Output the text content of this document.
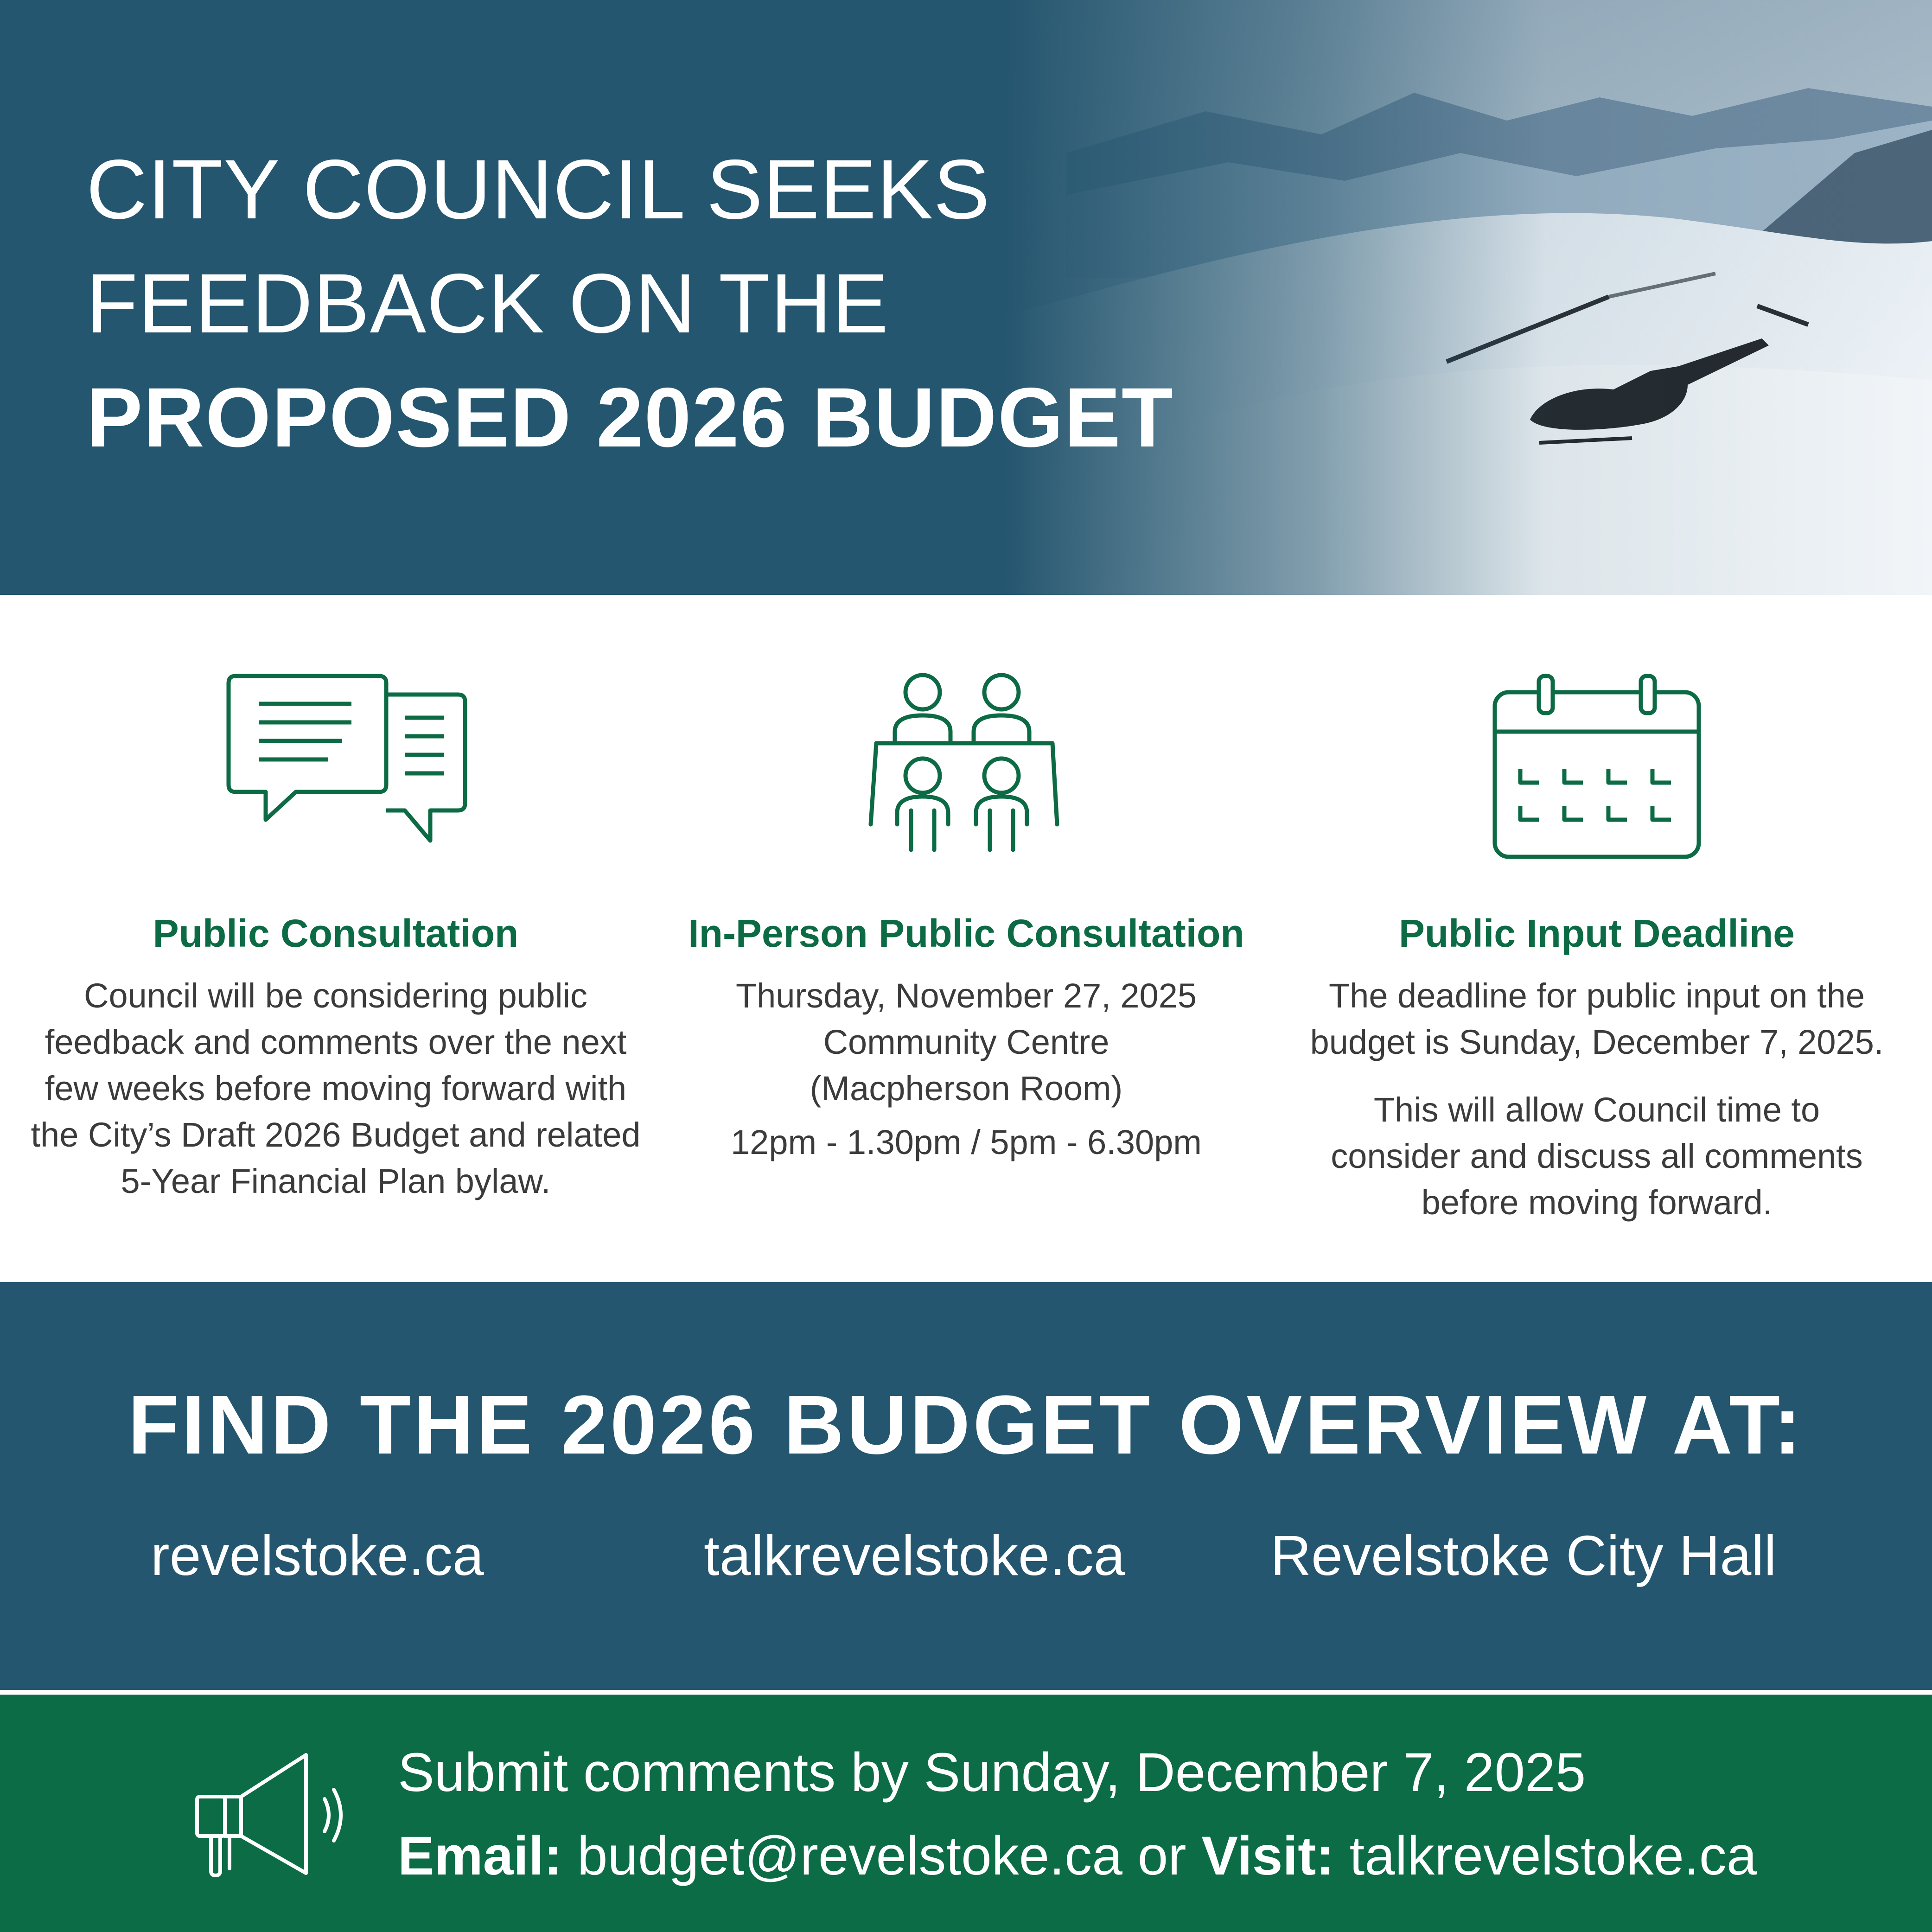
CITY COUNCIL SEEKS
FEEDBACK ON THE
PROPOSED 2026 BUDGET
Public Consultation

Council will be considering public

feedback and comments over the next

few weeks before moving forward with

the City’s Draft 2026 Budget and related

5-Year Financial Plan bylaw.

In-Person Public Consultation

Thursday, November 27, 2025

Community Centre

(Macpherson Room)

12pm - 1.30pm / 5pm - 6.30pm

Public Input Deadline

The deadline for public input on the

budget is Sunday, December 7, 2025.

This will allow Council time to

consider and discuss all comments

before moving forward.

FIND THE 2026 BUDGET OVERVIEW AT:
revelstoke.ca	talkrevelstoke.ca	Revelstoke City Hall
Submit comments by Sunday, December 7, 2025
Email: budget@revelstoke.ca or Visit: talkrevelstoke.ca
